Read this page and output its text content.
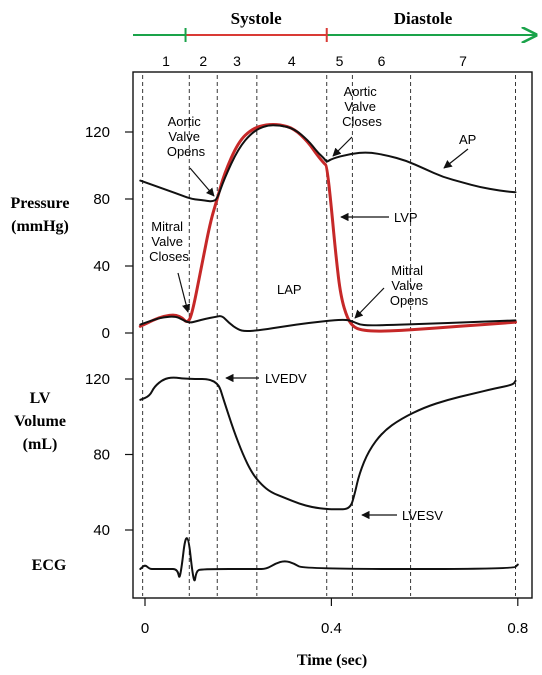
Systole	Diastole
1 2 3	4	5 6	7
0
40
80
120
Pressure (mmHg)
40
80
120
LV Volume (mL)
ECG
0	0.4	0.8
Time (sec)
Aortic Valve Opens
Aortic Valve Closes
Mitral Valve Closes
Mitral Valve Opens
LAP
AP
LVP
LVEDV
LVESV
